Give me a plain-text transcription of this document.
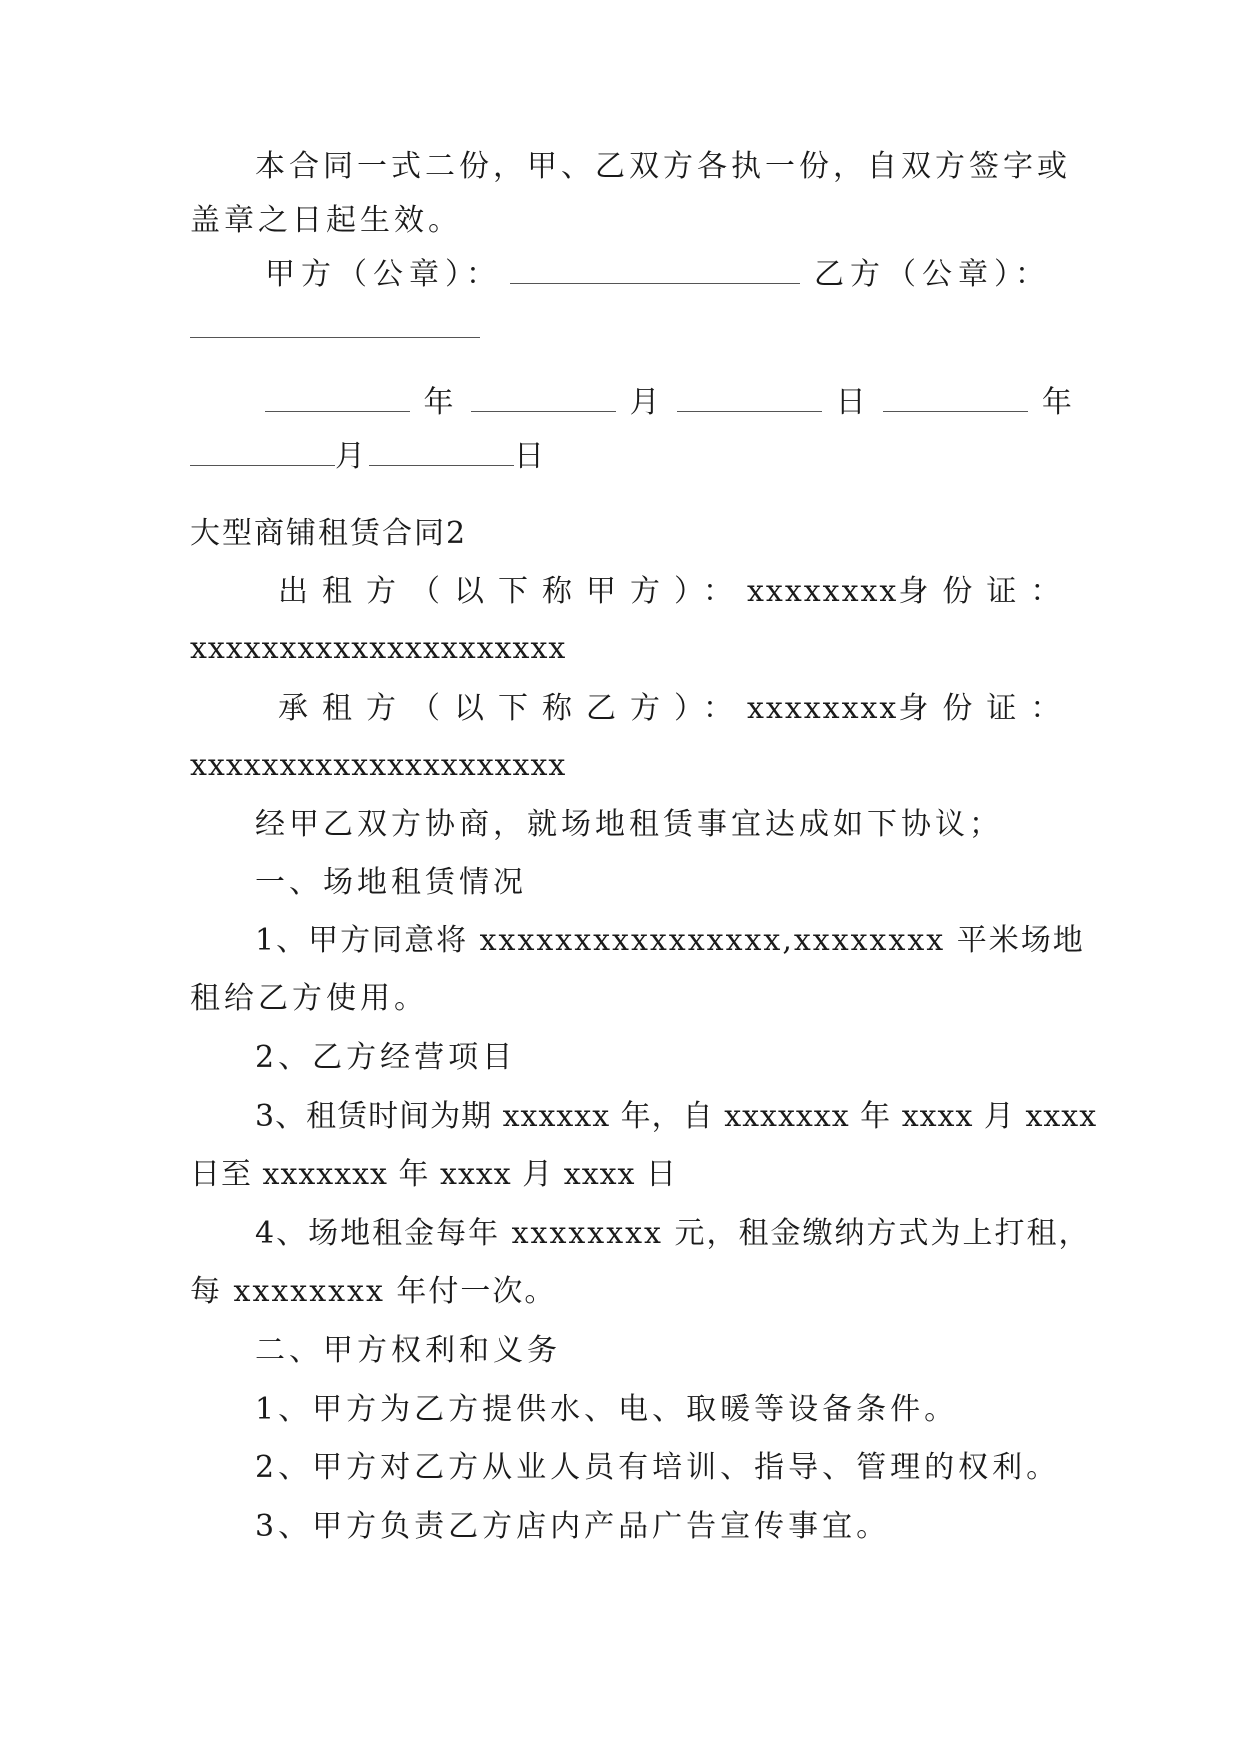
本合同一式二份，甲、乙双方各执一份，自双方签字或
盖章之日起生效。
甲方（公章）：	乙方（公章）：
年	月	日	年
月	日
大型商铺租赁合同2
出租方（以下称甲方）： xxxxxxxx 身份证：
xxxxxxxxxxxxxxxxxxxxx
承租方（以下称乙方）： xxxxxxxx 身份证：
xxxxxxxxxxxxxxxxxxxxx
经甲乙双方协商，就场地租赁事宜达成如下协议；
一、场地租赁情况
1、甲方同意将 xxxxxxxxxxxxxxxx,xxxxxxxx 平米场地
租给乙方使用。
2、乙方经营项目
3、租赁时间为期 xxxxxx 年，自 xxxxxxx 年 xxxx 月 xxxx
日至 xxxxxxx 年 xxxx 月 xxxx 日
4、场地租金每年 xxxxxxxx 元，租金缴纳方式为上打租，
每 xxxxxxxx 年付一次。
二、甲方权利和义务
1、甲方为乙方提供水、电、取暖等设备条件。
2、甲方对乙方从业人员有培训、指导、管理的权利。
3、甲方负责乙方店内产品广告宣传事宜。
